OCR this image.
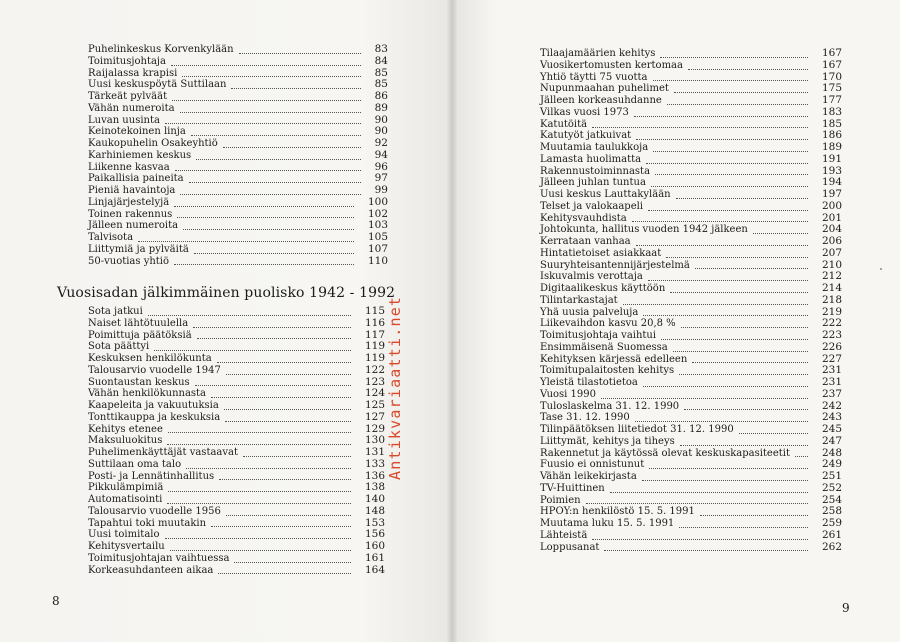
Puhelinkeskus Korvenkylään	83
Toimitusjohtaja	84
Raijalassa krapisi	85
Uusi keskuspöytä Suttilaan	85
Tärkeät pylväät	86
Vähän numeroita	89
Luvan uusinta	90
Keinotekoinen linja	90
Kaukopuhelin Osakeyhtiö	92
Karhiniemen keskus	94
Liikenne kasvaa	96
Paikallisia paineita	97
Pieniä havaintoja	99
Linjajärjestelyjä	100
Toinen rakennus	102
Jälleen numeroita	103
Talvisota	105
Liittymiä ja pylväitä	107
50-vuotias yhtiö	110
Vuosisadan jälkimmäinen puolisko 1942 - 1992
Sota jatkui	115
Naiset lähtötuulella	116
Poimittuja päätöksiä	117
Sota päättyi	119
Keskuksen henkilökunta	119
Talousarvio vuodelle 1947	122
Suontaustan keskus	123
Vähän henkilökunnasta	124
Kaapeleita ja vakuutuksia	125
Tonttikauppa ja keskuksia	127
Kehitys etenee	129
Maksuluokitus	130
Puhelimenkäyttäjät vastaavat	131
Suttilaan oma talo	133
Posti- ja Lennätinhallitus	136
Pikkulämpimiä	138
Automatisointi	140
Talousarvio vuodelle 1956	148
Tapahtui toki muutakin	153
Uusi toimitalo	156
Kehitysvertailu	160
Toimitusjohtajan vaihtuessa	161
Korkeasuhdanteen aikaa	164
8
Tilaajamäärien kehitys	167
Vuosikertomusten kertomaa	167
Yhtiö täytti 75 vuotta	170
Nupunmaahan puhelimet	175
Jälleen korkeasuhdanne	177
Vilkas vuosi 1973	183
Katutöitä	185
Katutyöt jatkuivat	186
Muutamia taulukkoja	189
Lamasta huolimatta	191
Rakennustoiminnasta	193
Jälleen juhlan tuntua	194
Uusi keskus Lauttakylään	197
Telset ja valokaapeli	200
Kehitysvauhdista	201
Johtokunta, hallitus vuoden 1942 jälkeen	204
Kerrataan vanhaa	206
Hintatietoiset asiakkaat	207
Suuryhteisantennijärjestelmä	210
Iskuvalmis verottaja	212
Digitaalikeskus käyttöön	214
Tilintarkastajat	218
Yhä uusia palveluja	219
Liikevaihdon kasvu 20,8 %	222
Toimitusjohtaja vaihtui	223
Ensimmäisenä Suomessa	226
Kehityksen kärjessä edelleen	227
Toimitupalaitosten kehitys	231
Yleistä tilastotietoa	231
Vuosi 1990	237
Tuloslaskelma 31. 12. 1990	242
Tase 31. 12. 1990	243
Tilinpäätöksen liitetiedot 31. 12. 1990	245
Liittymät, kehitys ja tiheys	247
Rakennetut ja käytössä olevat keskuskapasiteetit	248
Fuusio ei onnistunut	249
Vähän leikekirjasta	251
TV-Huittinen	252
Poimien	254
HPOY:n henkilöstö 15. 5. 1991	258
Muutama luku 15. 5. 1991	259
Lähteistä	261
Loppusanat	262
9
Antikvariaatti.net
